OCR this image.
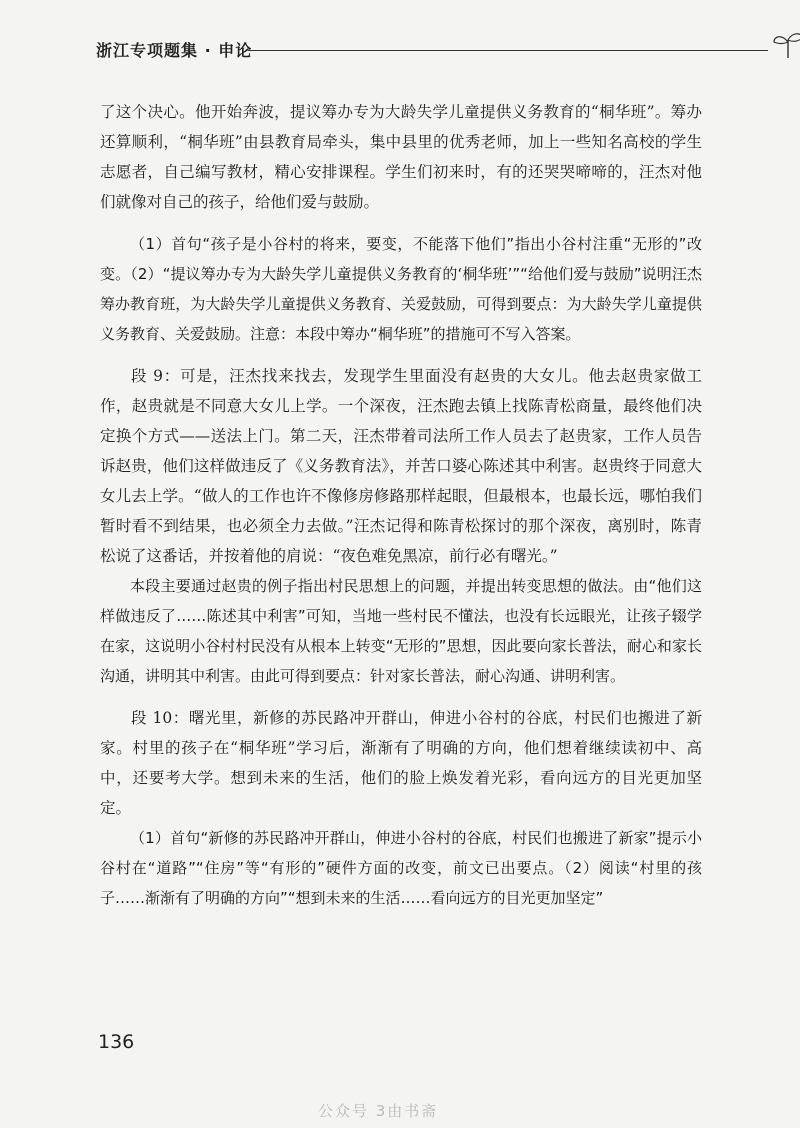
浙江专项题集 · 申论

了这个决心。他开始奔波，提议筹办专为大龄失学儿童提供义务教育的“桐华班”。筹办还算顺利，“桐华班”由县教育局牵头，集中县里的优秀老师，加上一些知名高校的学生志愿者，自己编写教材，精心安排课程。学生们初来时，有的还哭哭啼啼的，汪杰对他们就像对自己的孩子，给他们爱与鼓励。

（1）首句“孩子是小谷村的将来，要变，不能落下他们”指出小谷村注重“无形的”改变。（2）“提议筹办专为大龄失学儿童提供义务教育的‘桐华班’”“给他们爱与鼓励”说明汪杰筹办教育班，为大龄失学儿童提供义务教育、关爱鼓励，可得到要点：为大龄失学儿童提供义务教育、关爱鼓励。注意：本段中筹办“桐华班”的措施可不写入答案。

段 9：可是，汪杰找来找去，发现学生里面没有赵贵的大女儿。他去赵贵家做工作，赵贵就是不同意大女儿上学。一个深夜，汪杰跑去镇上找陈青松商量，最终他们决定换个方式——送法上门。第二天，汪杰带着司法所工作人员去了赵贵家，工作人员告诉赵贵，他们这样做违反了《义务教育法》，并苦口婆心陈述其中利害。赵贵终于同意大女儿去上学。“做人的工作也许不像修房修路那样起眼，但最根本，也最长远，哪怕我们暂时看不到结果，也必须全力去做。”汪杰记得和陈青松探讨的那个深夜，离别时，陈青松说了这番话，并按着他的肩说：“夜色难免黑凉，前行必有曙光。”

本段主要通过赵贵的例子指出村民思想上的问题，并提出转变思想的做法。由“他们这样做违反了……陈述其中利害”可知，当地一些村民不懂法，也没有长远眼光，让孩子辍学在家，这说明小谷村村民没有从根本上转变“无形的”思想，因此要向家长普法，耐心和家长沟通，讲明其中利害。由此可得到要点：针对家长普法，耐心沟通、讲明利害。

段 10：曙光里，新修的苏民路冲开群山，伸进小谷村的谷底，村民们也搬进了新家。村里的孩子在“桐华班”学习后，渐渐有了明确的方向，他们想着继续读初中、高中，还要考大学。想到未来的生活，他们的脸上焕发着光彩，看向远方的目光更加坚定。

（1）首句“新修的苏民路冲开群山，伸进小谷村的谷底，村民们也搬进了新家”提示小谷村在“道路”“住房”等“有形的”硬件方面的改变，前文已出要点。（2）阅读“村里的孩子……渐渐有了明确的方向”“想到未来的生活……看向远方的目光更加坚定”

136
公众号 3由书斋
